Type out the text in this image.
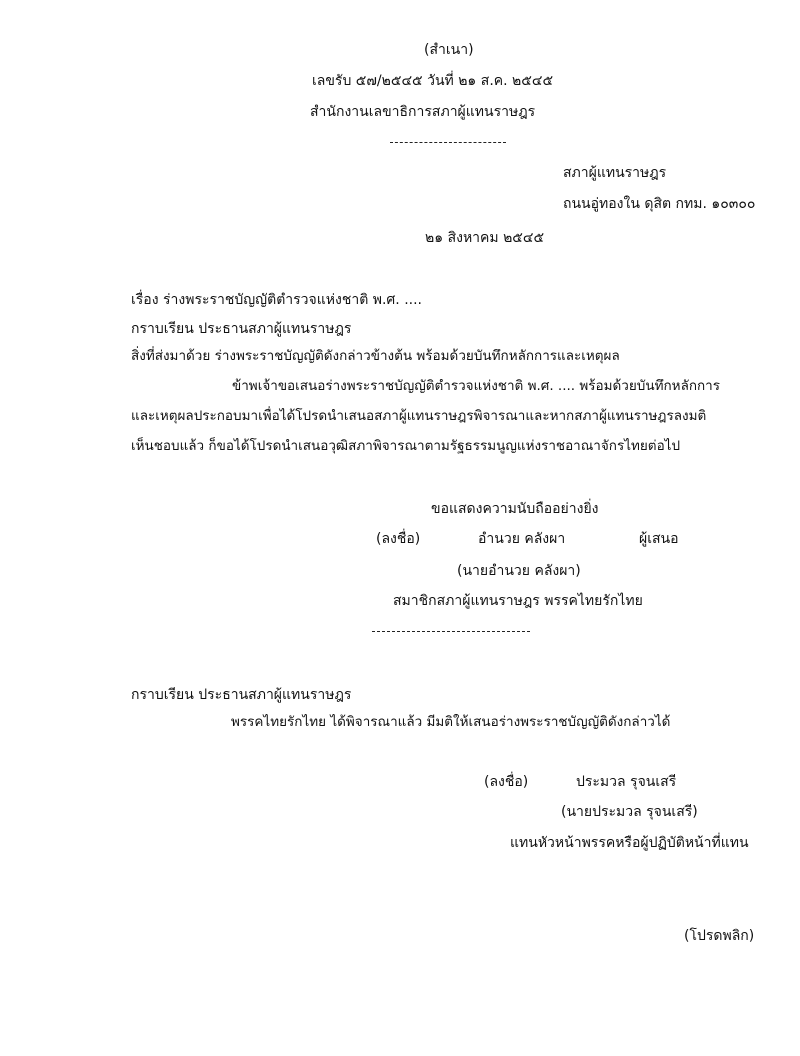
(สำเนา)
เลขรับ ๕๗/๒๕๔๕ วันที่ ๒๑ ส.ค. ๒๕๔๕
สำนักงานเลขาธิการสภาผู้แทนราษฎร
สภาผู้แทนราษฎร
ถนนอู่ทองใน ดุสิต กทม. ๑๐๓๐๐
๒๑ สิงหาคม ๒๕๔๕
เรื่อง ร่างพระราชบัญญัติตำรวจแห่งชาติ พ.ศ. ....
กราบเรียน ประธานสภาผู้แทนราษฎร
สิ่งที่ส่งมาด้วย ร่างพระราชบัญญัติดังกล่าวข้างต้น พร้อมด้วยบันทึกหลักการและเหตุผล
ข้าพเจ้าขอเสนอร่างพระราชบัญญัติตำรวจแห่งชาติ พ.ศ. .... พร้อมด้วยบันทึกหลักการ
และเหตุผลประกอบมาเพื่อได้โปรดนำเสนอสภาผู้แทนราษฎรพิจารณาและหากสภาผู้แทนราษฎรลงมติ
เห็นชอบแล้ว ก็ขอได้โปรดนำเสนอวุฒิสภาพิจารณาตามรัฐธรรมนูญแห่งราชอาณาจักรไทยต่อไป
ขอแสดงความนับถืออย่างยิ่ง
(ลงชื่อ)	อำนวย คลังผา	ผู้เสนอ
(นายอำนวย คลังผา)
สมาชิกสภาผู้แทนราษฎร พรรคไทยรักไทย
กราบเรียน ประธานสภาผู้แทนราษฎร
พรรคไทยรักไทย ได้พิจารณาแล้ว มีมติให้เสนอร่างพระราชบัญญัติดังกล่าวได้
(ลงชื่อ)	ประมวล รุจนเสรี
(นายประมวล รุจนเสรี)
แทนหัวหน้าพรรคหรือผู้ปฏิบัติหน้าที่แทน
(โปรดพลิก)
